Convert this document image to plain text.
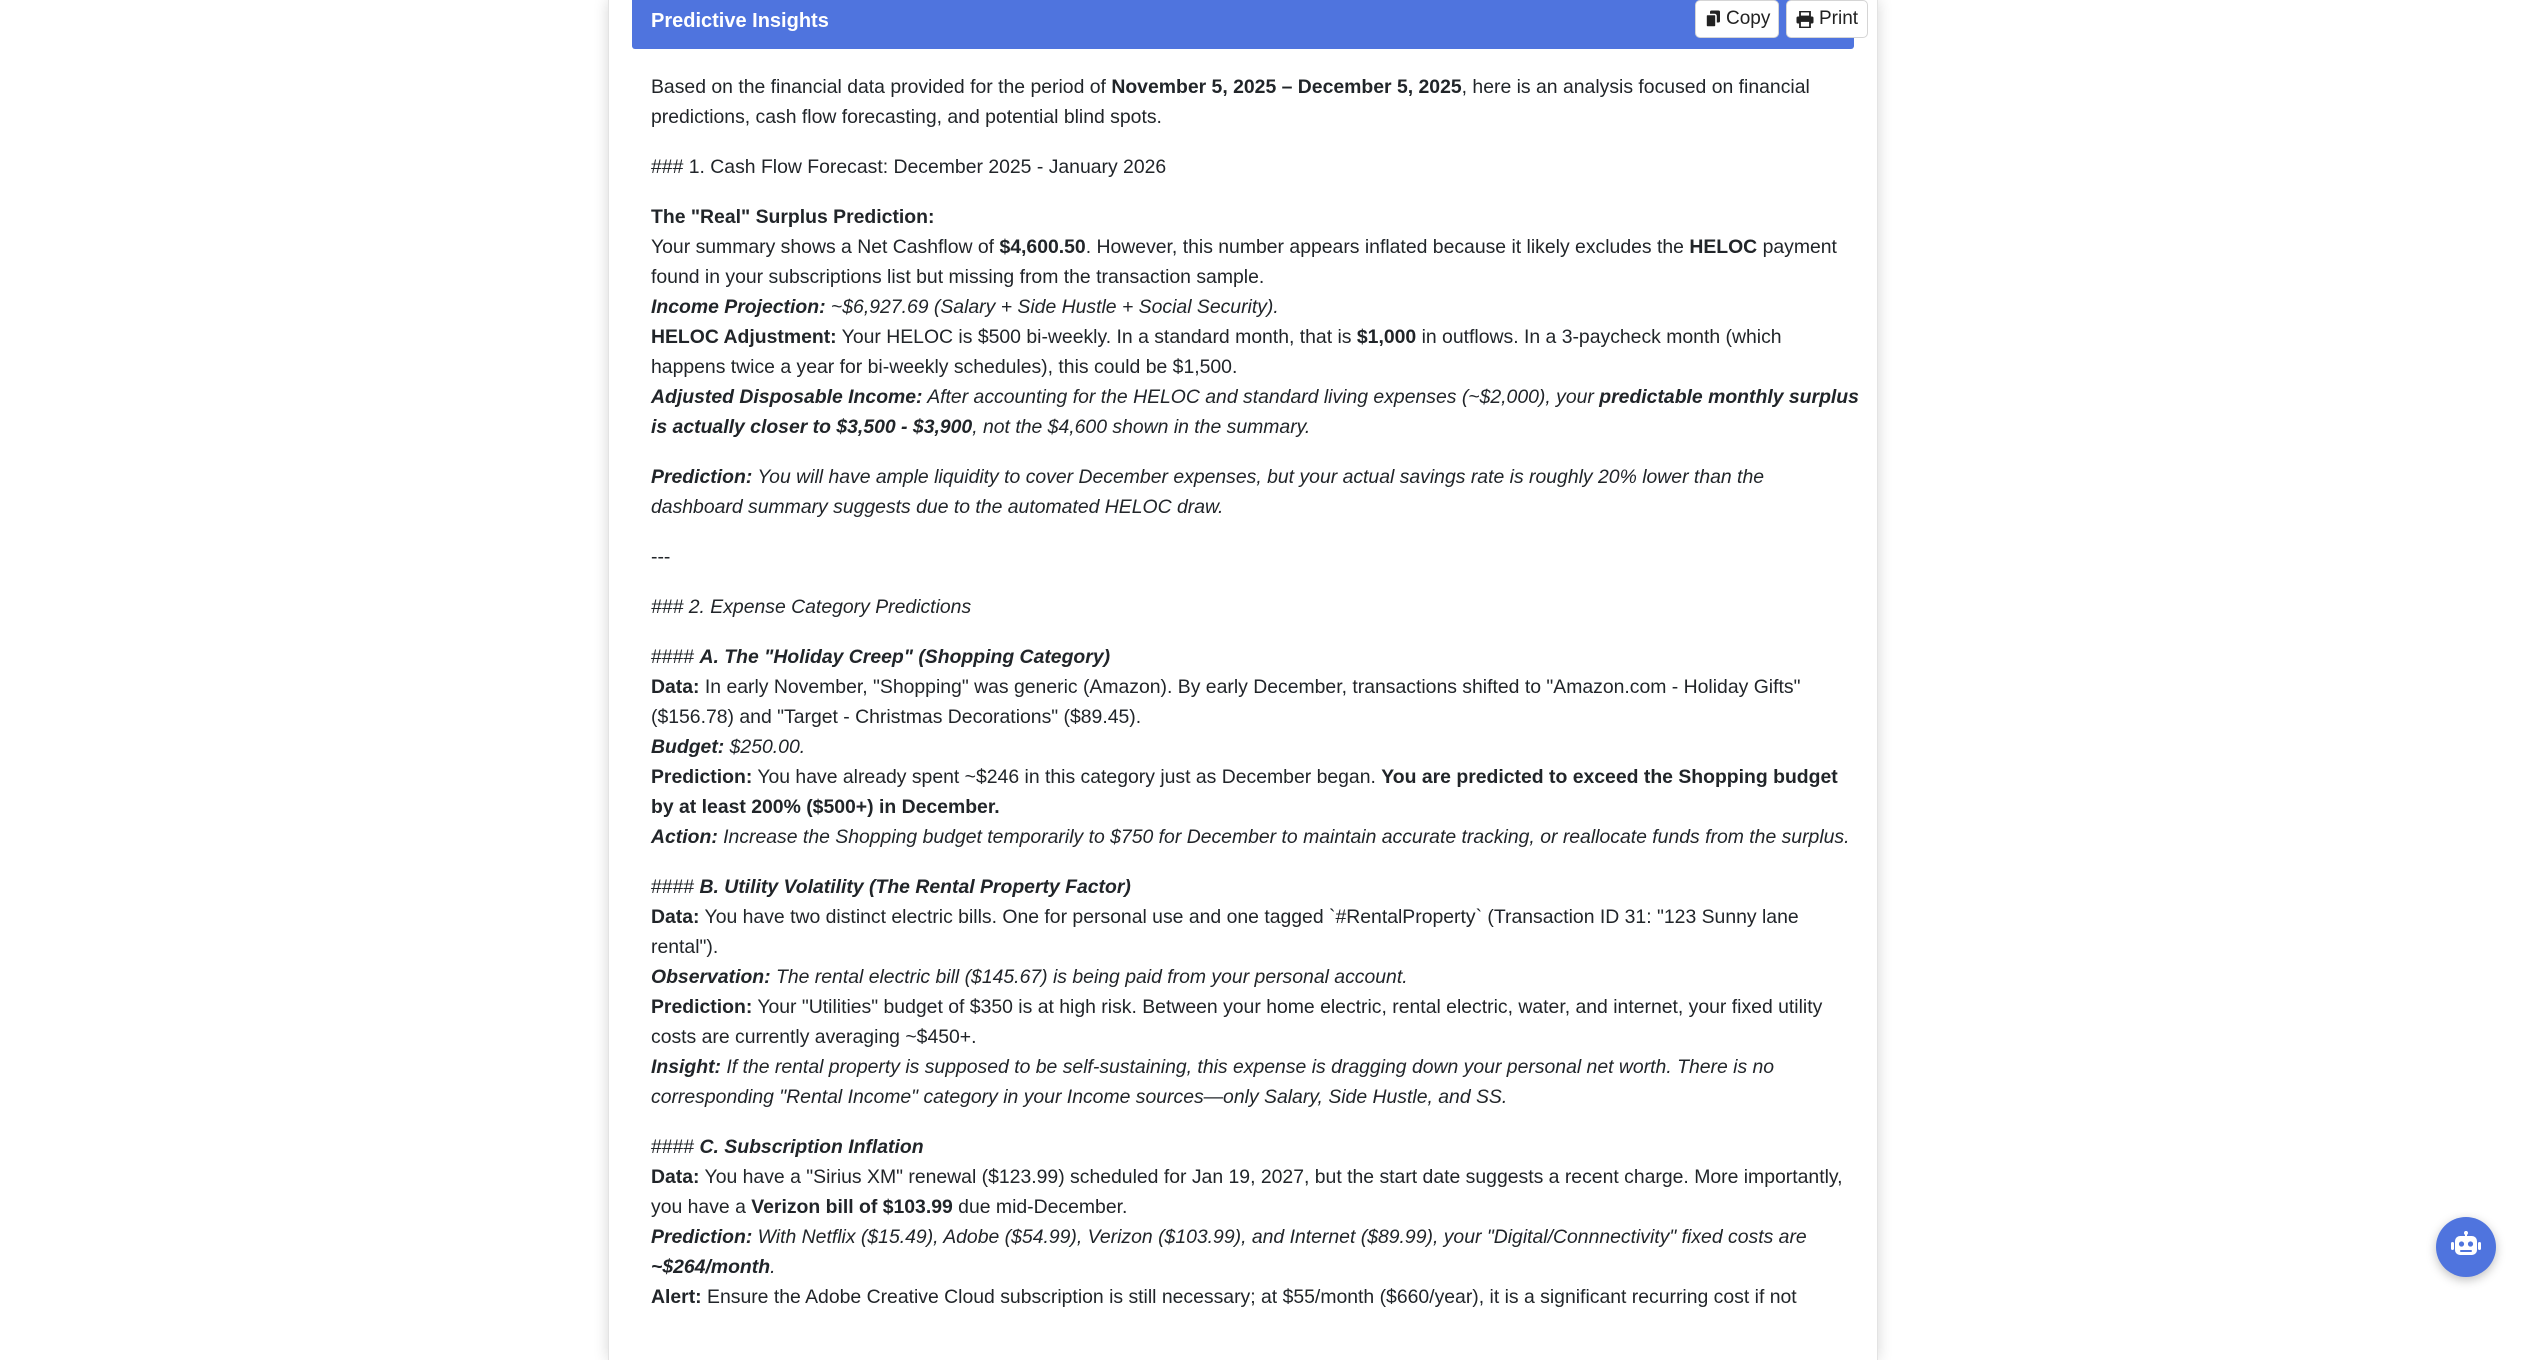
Predictive Insights	Copy	Print

Based on the financial data provided for the period of November 5, 2025 – December 5, 2025, here is an analysis focused on financial predictions, cash flow forecasting, and potential blind spots.

### 1. Cash Flow Forecast: December 2025 - January 2026

The "Real" Surplus Prediction:
Your summary shows a Net Cashflow of $4,600.50. However, this number appears inflated because it likely excludes the HELOC payment found in your subscriptions list but missing from the transaction sample.
Income Projection: ~$6,927.69 (Salary + Side Hustle + Social Security).
HELOC Adjustment: Your HELOC is $500 bi-weekly. In a standard month, that is $1,000 in outflows. In a 3-paycheck month (which happens twice a year for bi-weekly schedules), this could be $1,500.
Adjusted Disposable Income: After accounting for the HELOC and standard living expenses (~$2,000), your predictable monthly surplus is actually closer to $3,500 - $3,900, not the $4,600 shown in the summary.

Prediction: You will have ample liquidity to cover December expenses, but your actual savings rate is roughly 20% lower than the dashboard summary suggests due to the automated HELOC draw.

---

### 2. Expense Category Predictions

#### A. The "Holiday Creep" (Shopping Category)
Data: In early November, "Shopping" was generic (Amazon). By early December, transactions shifted to "Amazon.com - Holiday Gifts" ($156.78) and "Target - Christmas Decorations" ($89.45).
Budget: $250.00.
Prediction: You have already spent ~$246 in this category just as December began. You are predicted to exceed the Shopping budget by at least 200% ($500+) in December.
Action: Increase the Shopping budget temporarily to $750 for December to maintain accurate tracking, or reallocate funds from the surplus.

#### B. Utility Volatility (The Rental Property Factor)
Data: You have two distinct electric bills. One for personal use and one tagged `#RentalProperty` (Transaction ID 31: "123 Sunny lane rental").
Observation: The rental electric bill ($145.67) is being paid from your personal account.
Prediction: Your "Utilities" budget of $350 is at high risk. Between your home electric, rental electric, water, and internet, your fixed utility costs are currently averaging ~$450+.
Insight: If the rental property is supposed to be self-sustaining, this expense is dragging down your personal net worth. There is no corresponding "Rental Income" category in your Income sources—only Salary, Side Hustle, and SS.

#### C. Subscription Inflation
Data: You have a "Sirius XM" renewal ($123.99) scheduled for Jan 19, 2027, but the start date suggests a recent charge. More importantly, you have a Verizon bill of $103.99 due mid-December.
Prediction: With Netflix ($15.49), Adobe ($54.99), Verizon ($103.99), and Internet ($89.99), your "Digital/Connnectivity" fixed costs are ~$264/month.
Alert: Ensure the Adobe Creative Cloud subscription is still necessary; at $55/month ($660/year), it is a significant recurring cost if not
